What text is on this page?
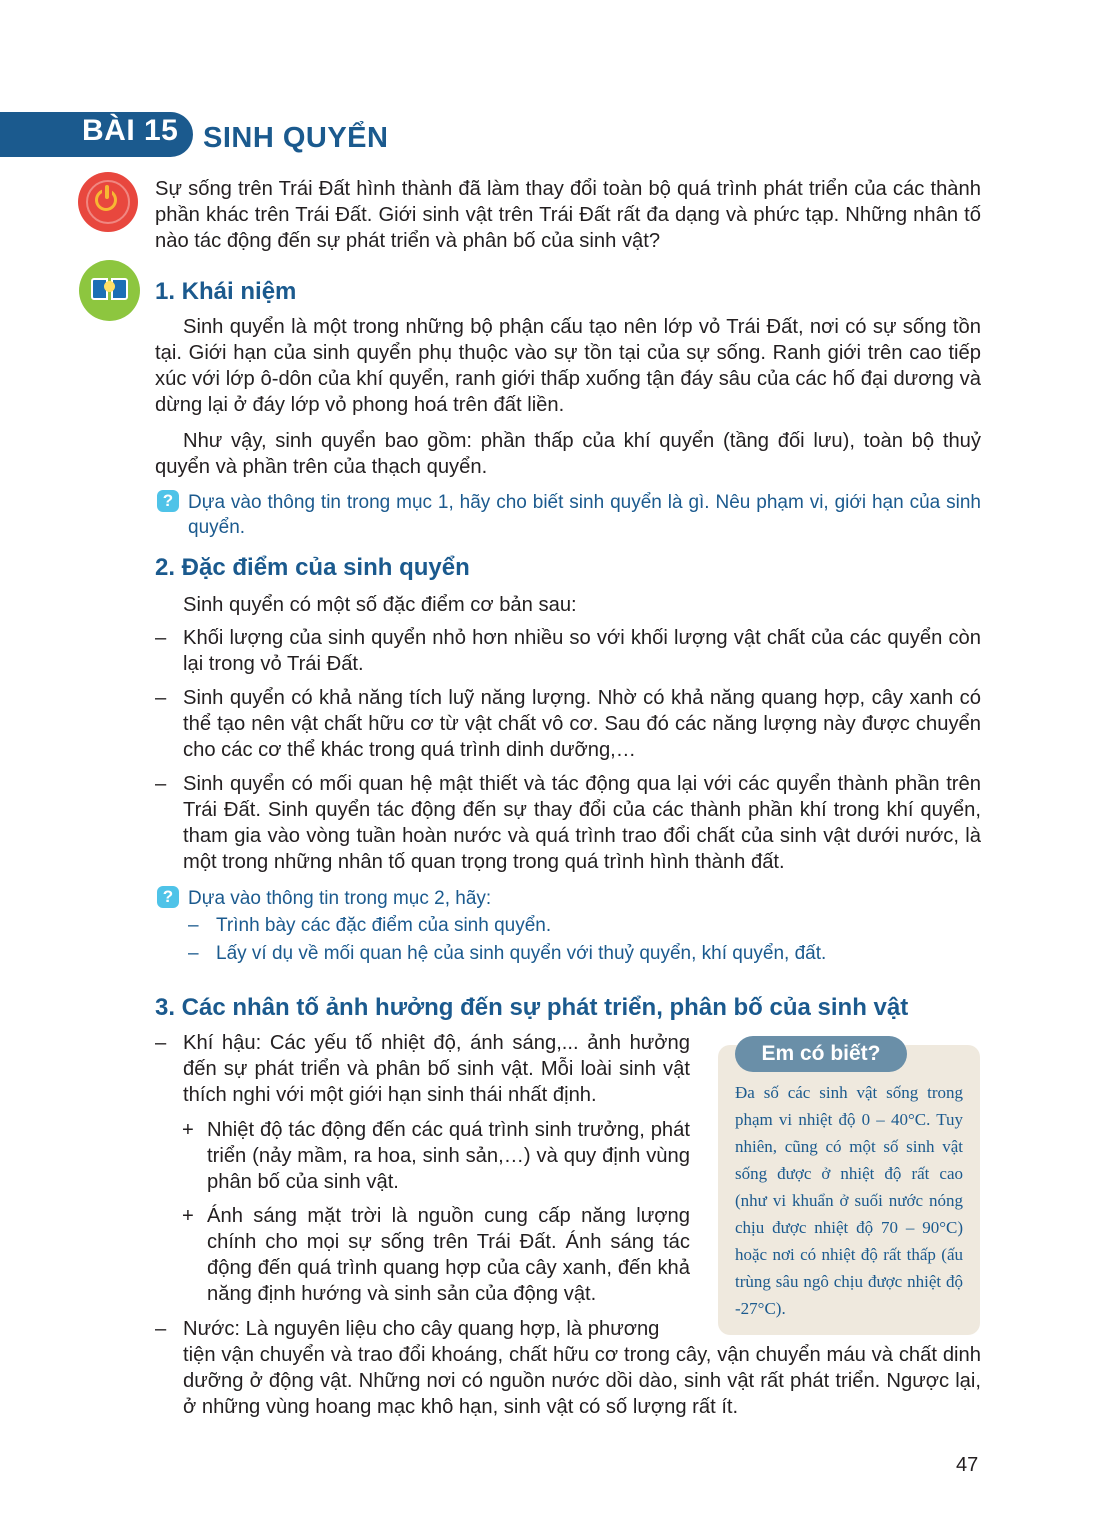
BÀI 15 SINH QUYỂN
Sự sống trên Trái Đất hình thành đã làm thay đổi toàn bộ quá trình phát triển của các thành phần khác trên Trái Đất. Giới sinh vật trên Trái Đất rất đa dạng và phức tạp. Những nhân tố nào tác động đến sự phát triển và phân bố của sinh vật?
1. Khái niệm
Sinh quyển là một trong những bộ phận cấu tạo nên lớp vỏ Trái Đất, nơi có sự sống tồn tại. Giới hạn của sinh quyển phụ thuộc vào sự tồn tại của sự sống. Ranh giới trên cao tiếp xúc với lớp ô-dôn của khí quyển, ranh giới thấp xuống tận đáy sâu của các hố đại dương và dừng lại ở đáy lớp vỏ phong hoá trên đất liền.
Như vậy, sinh quyển bao gồm: phần thấp của khí quyển (tầng đối lưu), toàn bộ thuỷ quyển và phần trên của thạch quyển.
? Dựa vào thông tin trong mục 1, hãy cho biết sinh quyển là gì. Nêu phạm vi, giới hạn của sinh quyển.
2. Đặc điểm của sinh quyển
Sinh quyển có một số đặc điểm cơ bản sau:
– Khối lượng của sinh quyển nhỏ hơn nhiều so với khối lượng vật chất của các quyển còn lại trong vỏ Trái Đất.
– Sinh quyển có khả năng tích luỹ năng lượng. Nhờ có khả năng quang hợp, cây xanh có thể tạo nên vật chất hữu cơ từ vật chất vô cơ. Sau đó các năng lượng này được chuyển cho các cơ thể khác trong quá trình dinh dưỡng,…
– Sinh quyển có mối quan hệ mật thiết và tác động qua lại với các quyển thành phần trên Trái Đất. Sinh quyển tác động đến sự thay đổi của các thành phần khí trong khí quyển, tham gia vào vòng tuần hoàn nước và quá trình trao đổi chất của sinh vật dưới nước, là một trong những nhân tố quan trọng trong quá trình hình thành đất.
? Dựa vào thông tin trong mục 2, hãy:
– Trình bày các đặc điểm của sinh quyển.
– Lấy ví dụ về mối quan hệ của sinh quyển với thuỷ quyển, khí quyển, đất.
3. Các nhân tố ảnh hưởng đến sự phát triển, phân bố của sinh vật
– Khí hậu: Các yếu tố nhiệt độ, ánh sáng,... ảnh hưởng đến sự phát triển và phân bố sinh vật. Mỗi loài sinh vật thích nghi với một giới hạn sinh thái nhất định.
+ Nhiệt độ tác động đến các quá trình sinh trưởng, phát triển (nảy mầm, ra hoa, sinh sản,…) và quy định vùng phân bố của sinh vật.
+ Ánh sáng mặt trời là nguồn cung cấp năng lượng chính cho mọi sự sống trên Trái Đất. Ánh sáng tác động đến quá trình quang hợp của cây xanh, đến khả năng định hướng và sinh sản của động vật.
– Nước: Là nguyên liệu cho cây quang hợp, là phương
tiện vận chuyển và trao đổi khoáng, chất hữu cơ trong cây, vận chuyển máu và chất dinh dưỡng ở động vật. Những nơi có nguồn nước dồi dào, sinh vật rất phát triển. Ngược lại, ở những vùng hoang mạc khô hạn, sinh vật có số lượng rất ít.
Em có biết?
Đa số các sinh vật sống trong phạm vi nhiệt độ 0 – 40°C. Tuy nhiên, cũng có một số sinh vật sống được ở nhiệt độ rất cao (như vi khuẩn ở suối nước nóng chịu được nhiệt độ 70 – 90°C) hoặc nơi có nhiệt độ rất thấp (ấu trùng sâu ngô chịu được nhiệt độ -27°C).
47
